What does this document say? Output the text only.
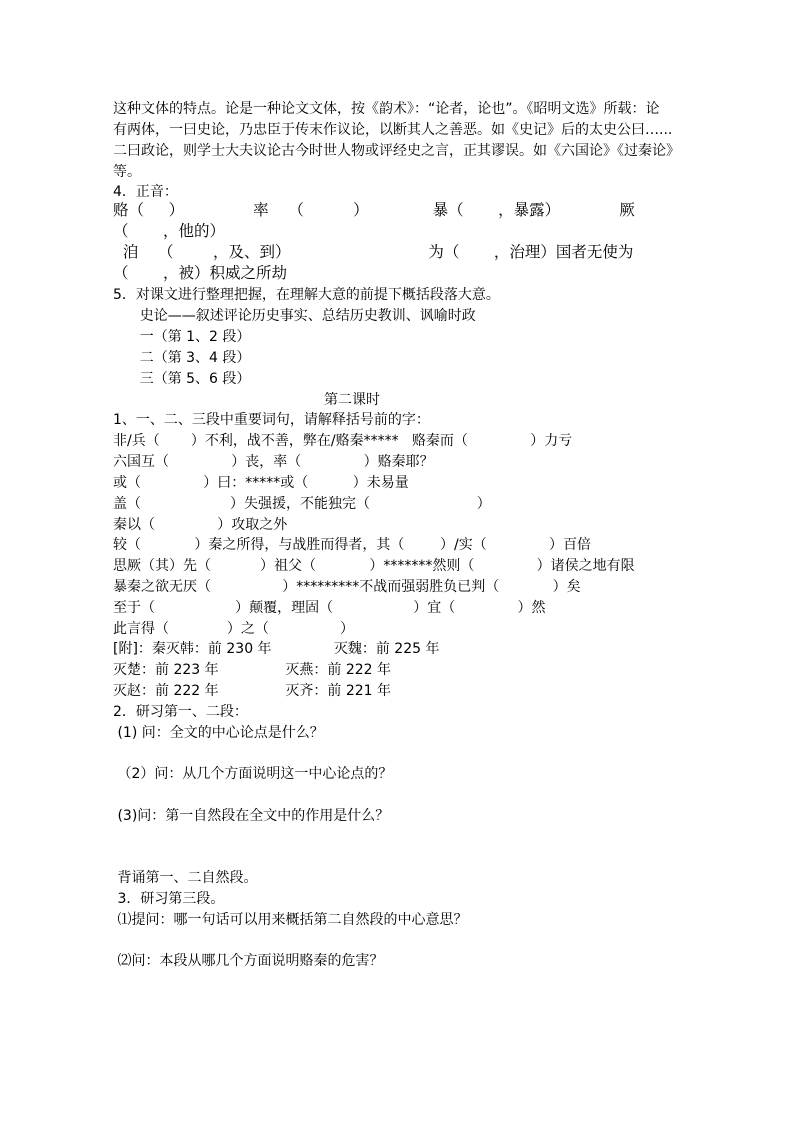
这种文体的特点。论是一种论文文体，按《韵术》：“论者，论也”。《昭明文选》所载：论
有两体，一曰史论，乃忠臣于传末作议论，以断其人之善恶。如《史记》后的太史公曰…...
二曰政论，则学士大夫议论古今时世人物或评经史之言，正其谬误。如《六国论》《过秦论》
等。
4．正音：
赂（     ）              率    （          ）             暴（       ，暴露）            厥
（       ，他的）
洎    （        ，及、到）                            为（       ，治理）国者无使为
（       ，被）积威之所劫
5．对课文进行整理把握，在理解大意的前提下概括段落大意。
史论——叙述评论历史事实、总结历史教训、讽喻时政
一（第 1、2 段）
二（第 3、4 段）
三（第 5、6 段）
第二课时
1、一、二、三段中重要词句，请解释括号前的字：
非/兵（       ）不利，战不善，弊在/赂秦*****   赂秦而（              ）力亏
六国互（              ）丧，率（              ）赂秦耶？
或（              ）曰：*****或（          ）未易量
盖（                    ）失强援，不能独完（                        ）
秦以（              ）攻取之外
较（            ）秦之所得，与战胜而得者，其（        ）/实（              ）百倍
思厥（其）先（           ）祖父（            ）*******然则（              ）诸侯之地有限
暴秦之欲无厌（                ）*********不战而强弱胜负已判（            ）矣
至于（                  ）颠覆，理固（                  ）宜（              ）然
此言得（             ）之（                ）
[附]：秦灭韩：前 230 年              灭魏：前 225 年
灭楚：前 223 年               灭燕：前 222 年
灭赵：前 222 年               灭齐：前 221 年
2．研习第一、二段：
(1) 问：全文的中心论点是什么？
（2）问：从几个方面说明这一中心论点的？
(3)问：第一自然段在全文中的作用是什么？
背诵第一、二自然段。
3．研习第三段。
⑴提问：哪一句话可以用来概括第二自然段的中心意思？
⑵问：本段从哪几个方面说明赂秦的危害？
